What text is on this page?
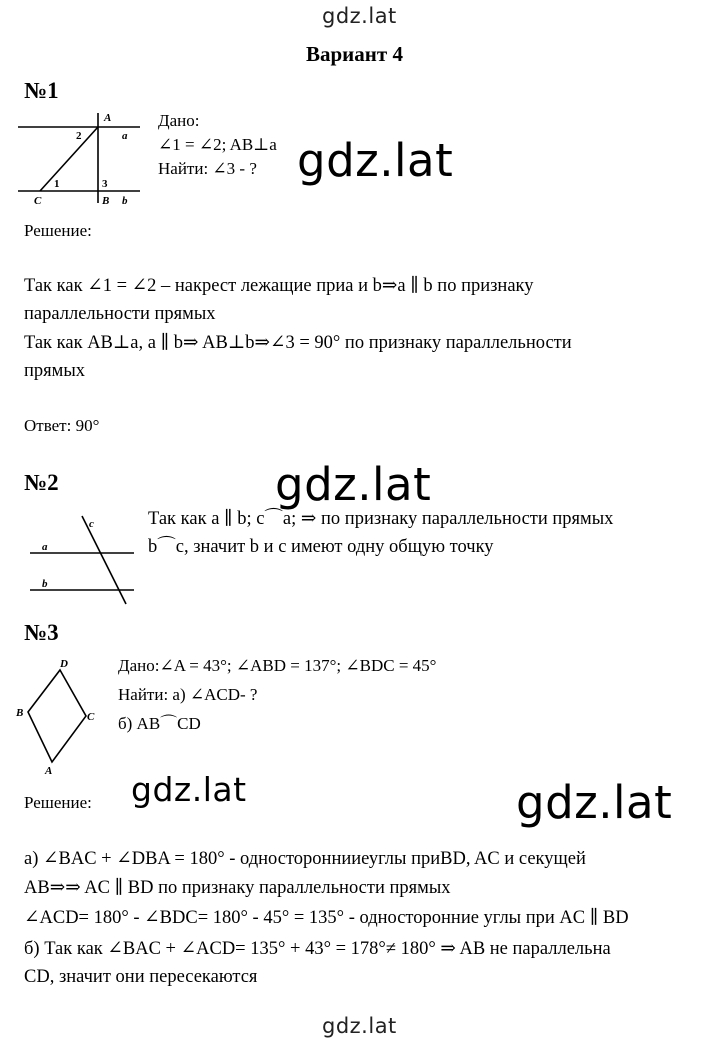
gdz.lat
Вариант 4
№1
A
a
2
1	3
C	B b
Дано:
∠1 = ∠2; AB⊥a
Найти: ∠3 - ? gdz.lat
Решение:
Так как ∠1 = ∠2 – накрест лежащие приа и b⇒a ∥ b по признаку
параллельности прямых
Так как AB⊥a, a ∥ b⇒ AB⊥b⇒∠3 = 90° по признаку параллельности
прямых
Ответ: 90°
gdz.lat
№2
c
a
b
Так как a ∥ b; c⌒a; ⇒ по признаку параллельности прямых
b⌒c, значит b и c имеют одну общую точку
№3
D
B	C
A
Дано:∠A = 43°; ∠ABD = 137°; ∠BDC = 45°
Найти: а) ∠ACD- ?
б) AB⌒CD
Решение: gdz.lat	gdz.lat
а) ∠BAC + ∠DBA = 180° - одностороннииеуглы приBD, AC и секущей
AB⇒⇒ AC ∥ BD по признаку параллельности прямых
∠ACD= 180° - ∠BDC= 180° - 45° = 135° - односторонние углы при AC ∥ BD
б) Так как ∠BAC + ∠ACD= 135° + 43° = 178°≠ 180° ⇒ AB не параллельна
CD, значит они пересекаются
gdz.lat
